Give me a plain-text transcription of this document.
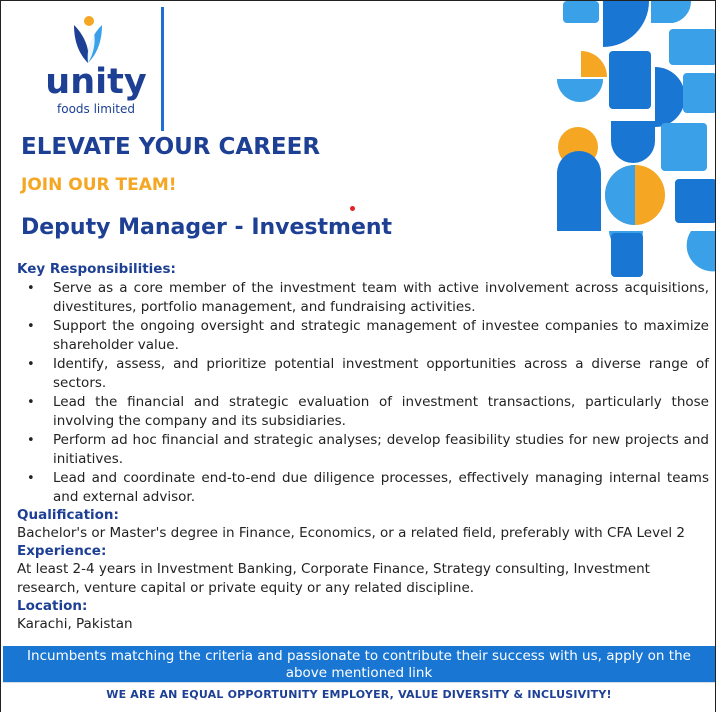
unity
foods limited
ELEVATE YOUR CAREER
JOIN OUR TEAM!
Deputy Manager - Investment

Key Responsibilities:

• Serve as a core member of the investment team with active involvement across acquisitions, divestitures, portfolio management, and fundraising activities.
• Support the ongoing oversight and strategic management of investee companies to maximize shareholder value.
• Identify, assess, and prioritize potential investment opportunities across a diverse range of sectors.
• Lead the financial and strategic evaluation of investment transactions, particularly those involving the company and its subsidiaries.
• Perform ad hoc financial and strategic analyses; develop feasibility studies for new projects and initiatives.
• Lead and coordinate end-to-end due diligence processes, effectively managing internal teams and external advisor.

Qualification:

Bachelor's or Master's degree in Finance, Economics, or a related field, preferably with CFA Level 2

Experience:

At least 2-4 years in Investment Banking, Corporate Finance, Strategy consulting, Investment research, venture capital or private equity or any related discipline.

Location:

Karachi, Pakistan

Incumbents matching the criteria and passionate to contribute their success with us, apply on the above mentioned link
WE ARE AN EQUAL OPPORTUNITY EMPLOYER, VALUE DIVERSITY & INCLUSIVITY!
